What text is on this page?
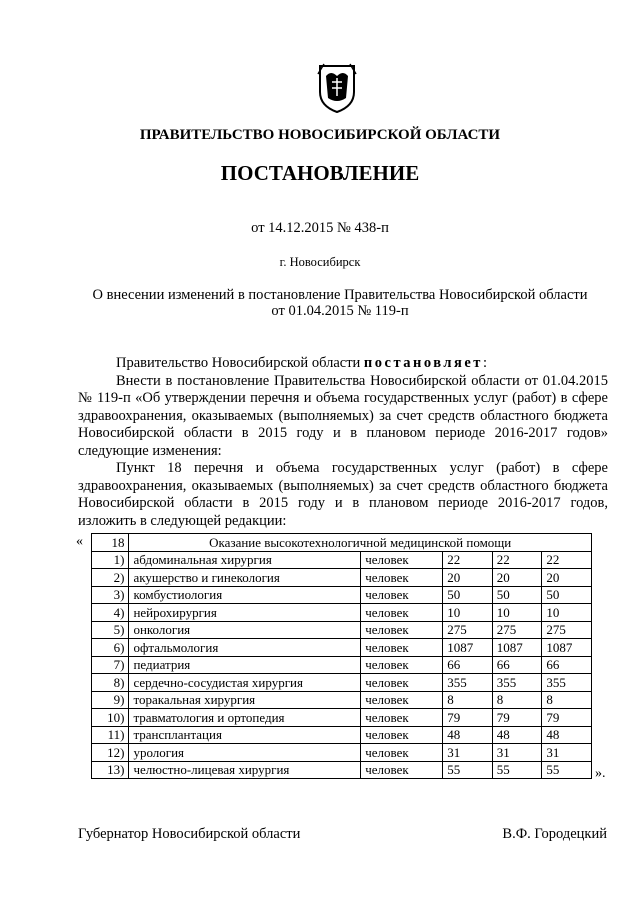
ПРАВИТЕЛЬСТВО НОВОСИБИРСКОЙ ОБЛАСТИ
ПОСТАНОВЛЕНИЕ
от 14.12.2015 № 438-п
г. Новосибирск
О внесении изменений в постановление Правительства Новосибирской области
от 01.04.2015 № 119-п

Правительство Новосибирской области постановляет:

Внести в постановление Правительства Новосибирской области от 01.04.2015 № 119-п «Об утверждении перечня и объема государственных услуг (работ) в сфере здравоохранения, оказываемых (выполняемых) за счет средств областного бюджета Новосибирской области в 2015 году и в плановом периоде 2016-2017 годов» следующие изменения:

Пункт 18 перечня и объема государственных услуг (работ) в сфере здравоохранения, оказываемых (выполняемых) за счет средств областного бюджета Новосибирской области в 2015 году и в плановом периоде 2016-2017 годов, изложить в следующей редакции:

« 18	Оказание высокотехнологичной медицинской помощи				
1)	абдоминальная хирургия	человек	22	22	22
2)	акушерство и гинекология	человек	20	20	20
3)	комбустиология	человек	50	50	50
4)	нейрохирургия	человек	10	10	10
5)	онкология	человек	275	275	275
6)	офтальмология	человек	1087	1087	1087
7)	педиатрия	человек	66	66	66
8)	сердечно-сосудистая хирургия	человек	355	355	355
9)	торакальная хирургия	человек	8	8	8
10)	травматология и ортопедия	человек	79	79	79
11)	трансплантация	человек	48	48	48
12)	урология	человек	31	31	31
13)	челюстно-лицевая хирургия	человек	55	55	55	».
Губернатор Новосибирской области	В.Ф. Городецкий
